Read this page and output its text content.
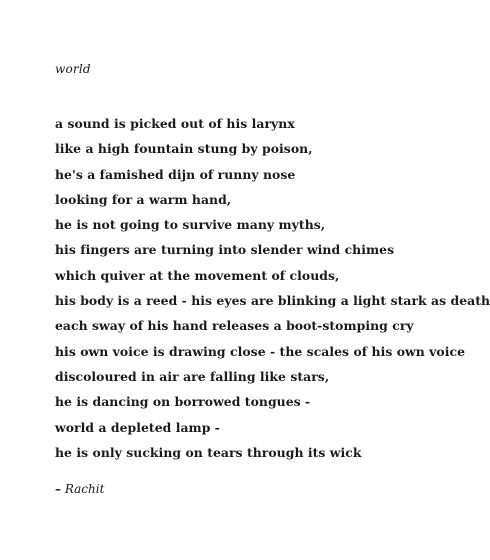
world

a sound is picked out of his larynx
like a high fountain stung by poison,
he's a famished dijn of runny nose
looking for a warm hand,
he is not going to survive many myths,
his fingers are turning into slender wind chimes
which quiver at the movement of clouds,
his body is a reed - his eyes are blinking a light stark as death
each sway of his hand releases a boot-stomping cry
his own voice is drawing close - the scales of his own voice
discoloured in air are falling like stars,
he is dancing on borrowed tongues -
world a depleted lamp -
he is only sucking on tears through its wick

– Rachit
